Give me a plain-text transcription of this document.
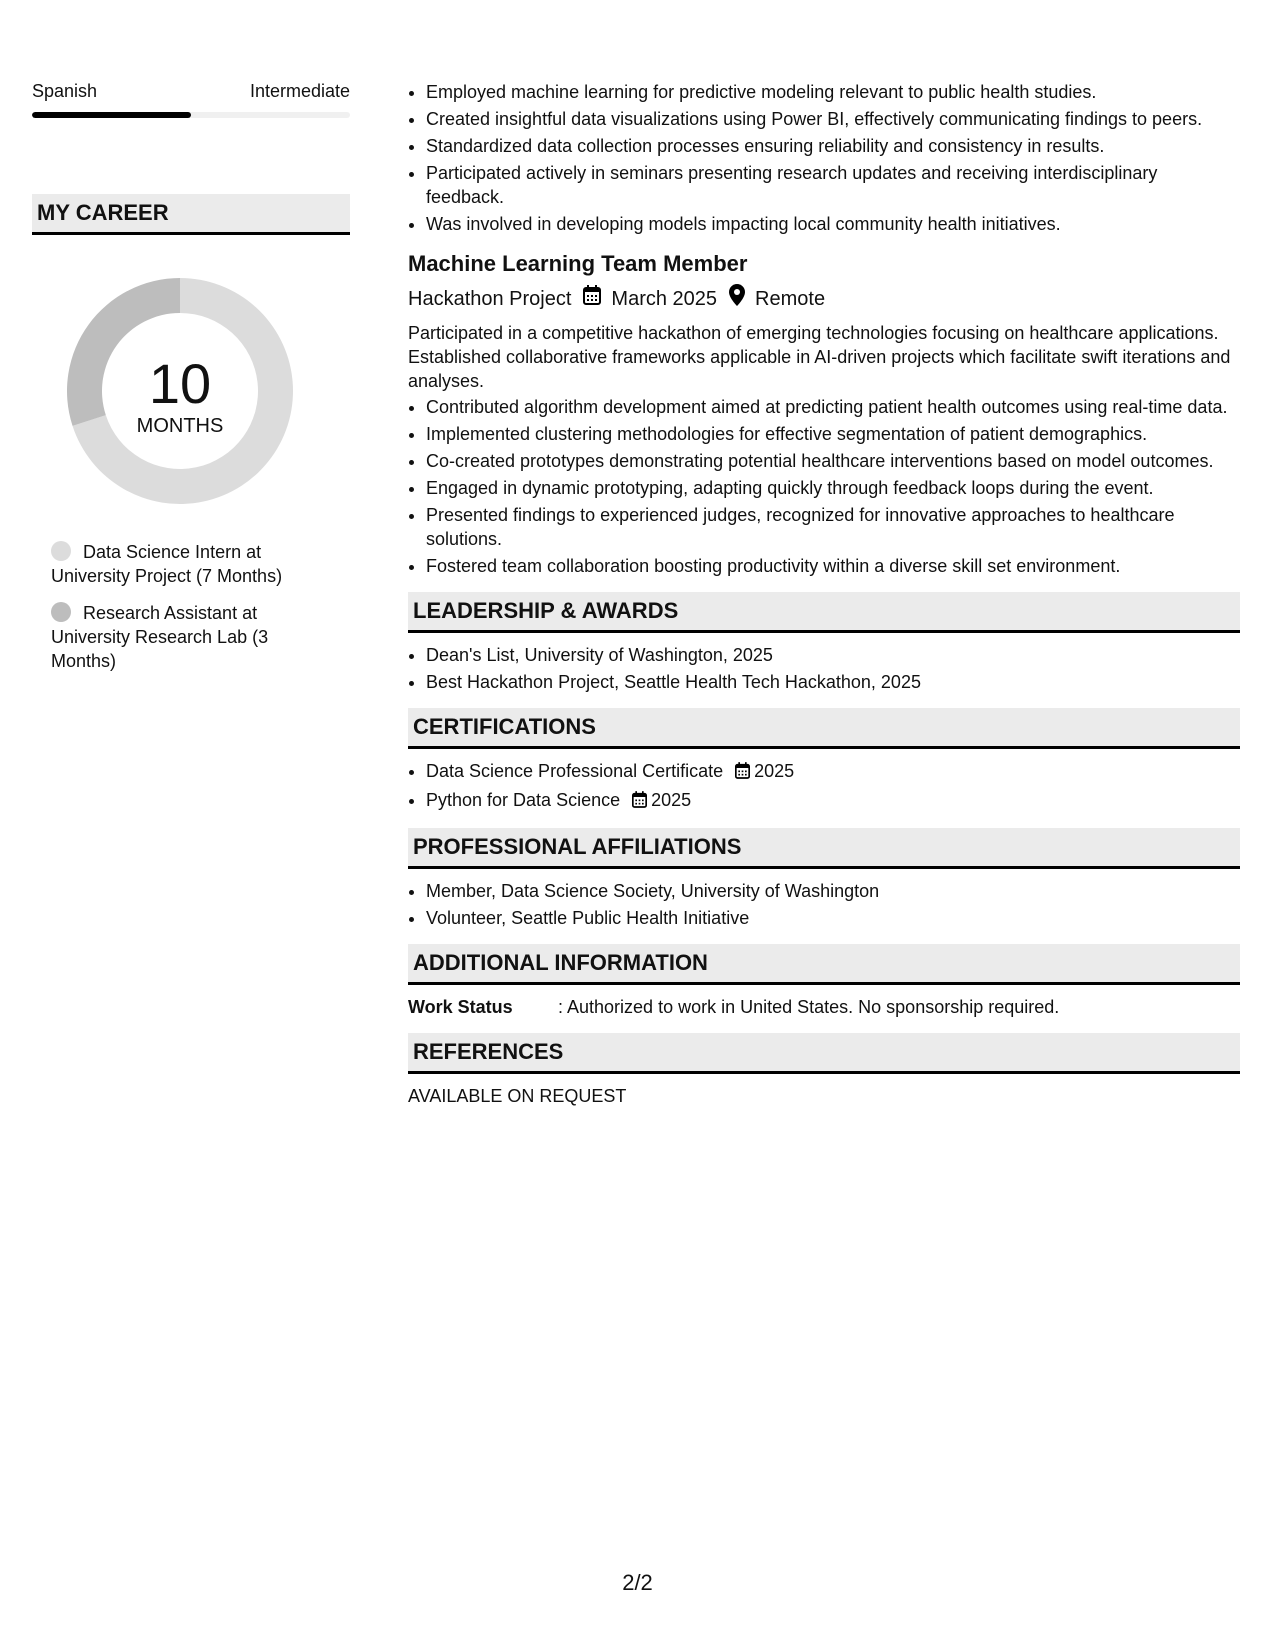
Spanish	Intermediate
MY CAREER
10
MONTHS
Data Science Intern at University Project (7 Months)
Research Assistant at University Research Lab (3 Months)
• Employed machine learning for predictive modeling relevant to public health studies.
• Created insightful data visualizations using Power BI, effectively communicating findings to peers.
• Standardized data collection processes ensuring reliability and consistency in results.
• Participated actively in seminars presenting research updates and receiving interdisciplinary feedback.
• Was involved in developing models impacting local community health initiatives.
Machine Learning Team Member
Hackathon Project March 2025 Remote
Participated in a competitive hackathon of emerging technologies focusing on healthcare applications. Established collaborative frameworks applicable in AI-driven projects which facilitate swift iterations and analyses.
• Contributed algorithm development aimed at predicting patient health outcomes using real-time data.
• Implemented clustering methodologies for effective segmentation of patient demographics.
• Co-created prototypes demonstrating potential healthcare interventions based on model outcomes.
• Engaged in dynamic prototyping, adapting quickly through feedback loops during the event.
• Presented findings to experienced judges, recognized for innovative approaches to healthcare solutions.
• Fostered team collaboration boosting productivity within a diverse skill set environment.
LEADERSHIP & AWARDS
• Dean's List, University of Washington, 2025
• Best Hackathon Project, Seattle Health Tech Hackathon, 2025
CERTIFICATIONS
• Data Science Professional Certificate 2025
• Python for Data Science 2025
PROFESSIONAL AFFILIATIONS
• Member, Data Science Society, University of Washington
• Volunteer, Seattle Public Health Initiative
ADDITIONAL INFORMATION
Work Status	: Authorized to work in United States. No sponsorship required.
REFERENCES
AVAILABLE ON REQUEST
2/2
